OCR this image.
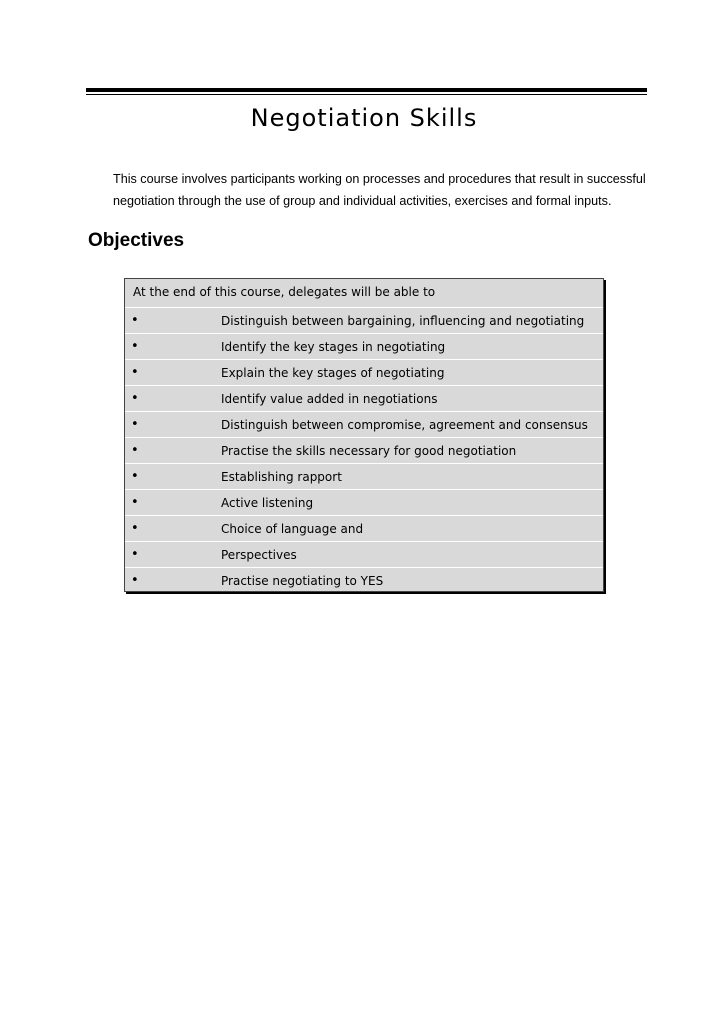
Negotiation Skills

This course involves participants working on processes and procedures that result in successful

negotiation through the use of group and individual activities, exercises and formal inputs.

Objectives
At the end of this course, delegates will be able to
•	Distinguish between bargaining, influencing and negotiating
•	Identify the key stages in negotiating
•	Explain the key stages of negotiating
•	Identify value added in negotiations
•	Distinguish between compromise, agreement and consensus
•	Practise the skills necessary for good negotiation
•	Establishing rapport
•	Active listening
•	Choice of language and
•	Perspectives
•	Practise negotiating to YES
